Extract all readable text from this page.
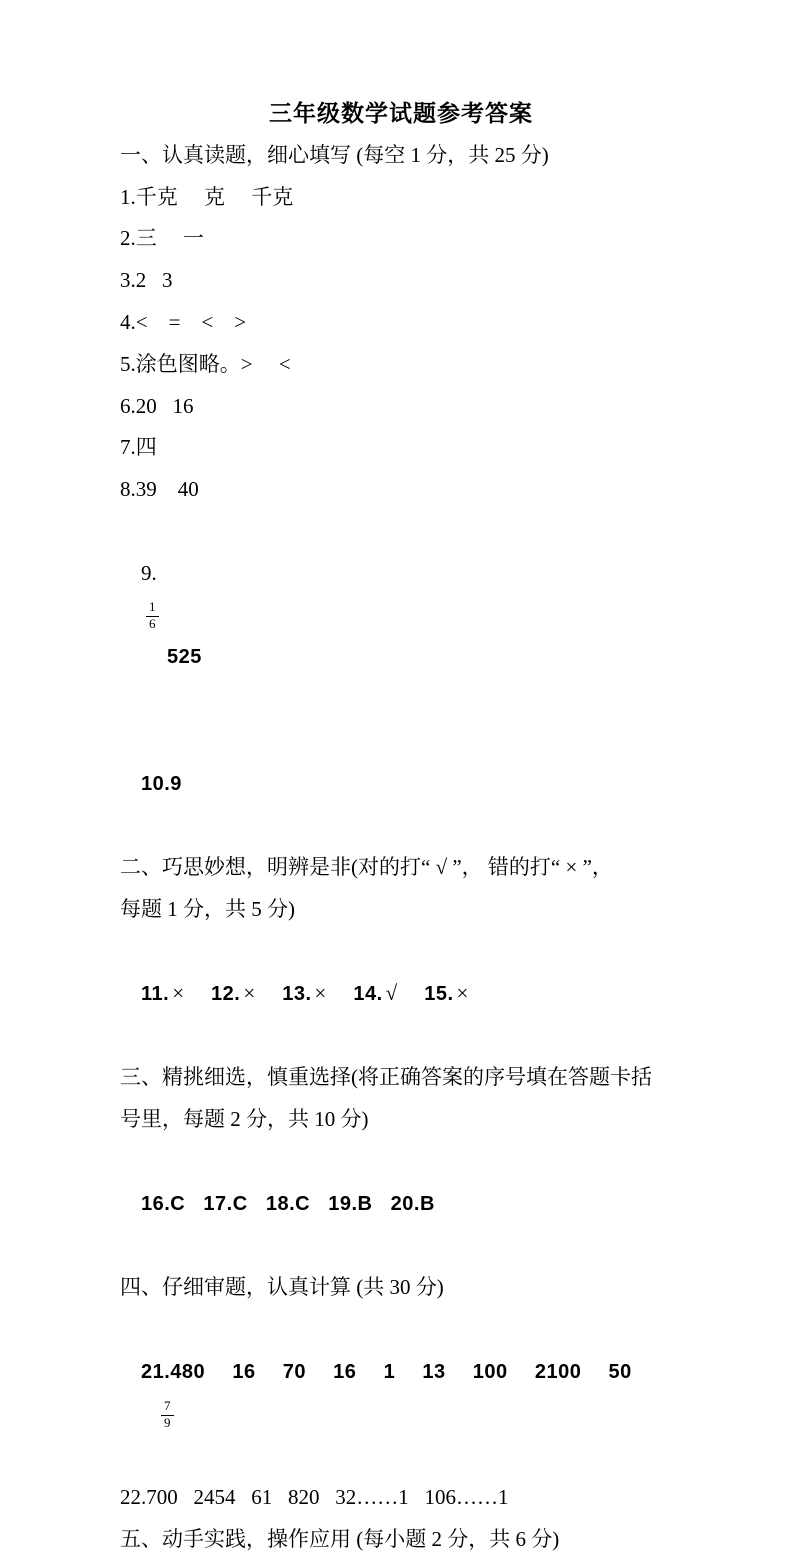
三年级数学试题参考答案

一、认真读题，细心填写 (每空 1 分，共 25 分)

1.千克     克     千克

2.三     一

3.2   3

4.<    =    <    >

5.涂色图略。>     <

6.20   16

7.四

8.39    40

9.

$\frac{1}{6}$

525

10.9

二、巧思妙想，明辨是非(对的打“ √ ”， 错的打“ × ”，

每题 1 分，共 5 分)

11. × 12. × 13. × 14. √ 15. ×

三、精挑细选，慎重选择(将正确答案的序号填在答题卡括

号里，每题 2 分，共 10 分)

16.C   17.C   18.C   19.B   20.B

四、仔细审题，认真计算 (共 30 分)

21.480   16   70   16   1   13   100   2100   50

$\frac{7}{9}$

22.700   2454   61   820   32……1   106……1

五、动手实践，操作应用 (每小题 2 分，共 6 分)
